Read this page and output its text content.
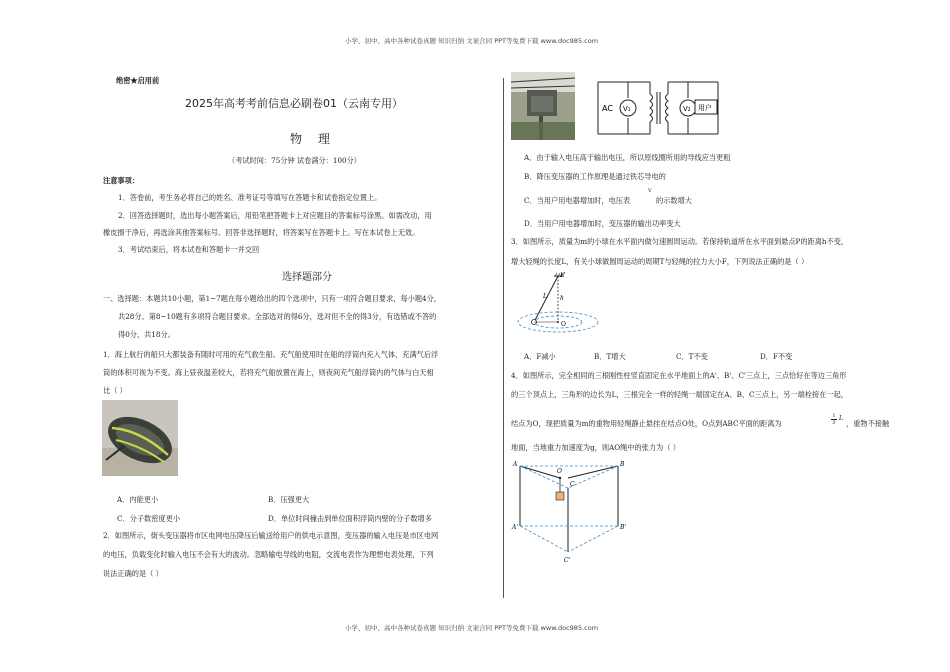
小学、初中、高中各种试卷真题 知识归纳 文案合同 PPT等免费下载 www.doc985.com
小学、初中、高中各种试卷真题 知识归纳 文案合同 PPT等免费下载 www.doc985.com
绝密★启用前
2025年高考考前信息必刷卷01（云南专用）
物 理
（考试时间：75分钟 试卷满分：100分）
注意事项：
1．答卷前，考生务必将自己的姓名、准考证号等填写在答题卡和试卷指定位置上。
2．回答选择题时，选出每小题答案后，用铅笔把答题卡上对应题目的答案标号涂黑。如需改动，用
橡皮擦干净后，再选涂其他答案标号。回答非选择题时，将答案写在答题卡上。写在本试卷上无效。
3．考试结束后，将本试卷和答题卡一并交回
选择题部分
一、选择题：本题共10小题，第1~7题在每小题给出的四个选项中，只有一项符合题目要求，每小题4分，
共28分。第8~10题有多项符合题目要求。全部选对的得6分，选对但不全的得3分，有选错或不答的
得0分，共18分。
1．海上航行的船只大都装备有随时可用的充气救生船。充气船使用时在船的浮筒内充入气体，充满气后浮
筒的体积可视为不变。海上昼夜温差较大，若将充气船放置在海上，则夜间充气船浮筒内的气体与白天相
比（ ）
A．内能更小	B．压强更大
C．分子数密度更小	D．单位时间撞击到单位面积浮筒内壁的分子数增多
2．如图所示，街头变压器将市区电网电压降压后输送给用户的供电示意图，变压器的输入电压是市区电网
的电压，负载变化时输入电压不会有大的波动。忽略输电导线的电阻，交流电表作为理想电表处理，下列
说法正确的是（ ）
AC V₁	V₂ 用户
A．由于输入电压高于输出电压，所以原线圈所用的导线应当更粗
B．降压变压器的工作原理是通过铁芯导电的
C．当用户用电器增加时，电压表
V
的示数增大
D．当用户用电器增加时，变压器的输出功率变大
3．如图所示，质量为m的小球在水平面内做匀速圆周运动。若保持轨道所在水平面到悬点P的距离h不变，
增大轻绳的长度L，有关小球做圆周运动的周期T与轻绳的拉力大小F，下列说法正确的是（ ）
P
h
L
O
A．F减小	B．T增大	C．T不变	D．F不变
4．如图所示，完全相同的三根刚性柱竖直固定在水平地面上的A'、B'、C'三点上，三点恰好在等边三角形
的三个顶点上，三角形的边长为L，三根完全一样的轻绳一端固定在A、B、C三点上，另一端栓接在一起，
结点为O，现把质量为m的重物用轻绳静止悬挂在结点O处，O点到ABC平面的距离为	$\frac{1}{3}$ L
，重物不接触
地面，当地重力加速度为g，则AO绳中的张力为（ ）
A	B
O
C
A'	B'
C'
